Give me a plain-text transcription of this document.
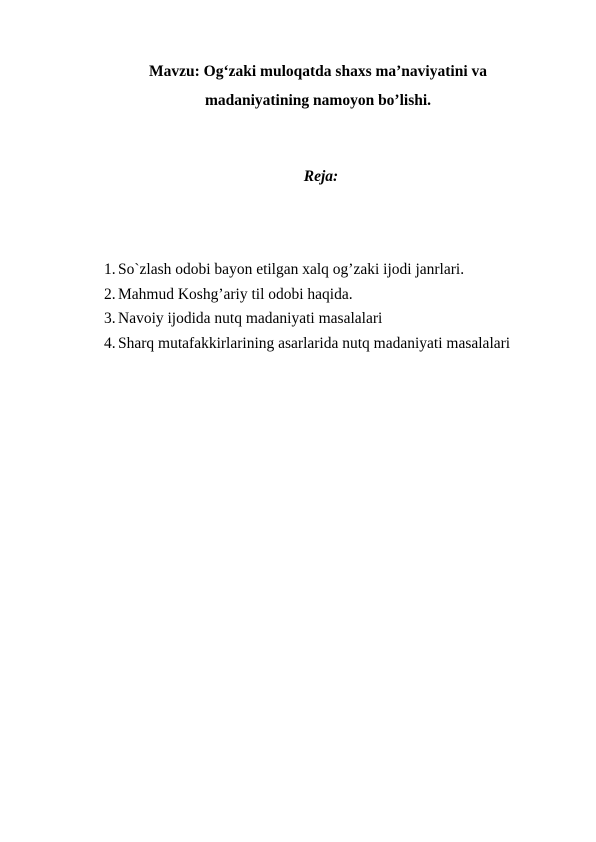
Mavzu: Og‘zaki muloqatda shaxs ma’naviyatini va
madaniyatining namoyon bo’lishi.
Reja:
1. So`zlash odobi bayon etilgan xalq og’zaki ijodi janrlari.
2. Mahmud Koshg’ariy til odobi haqida.
3. Navoiy ijodida nutq madaniyati masalalari
4. Sharq mutafakkirlarining asarlarida nutq madaniyati masalalari
